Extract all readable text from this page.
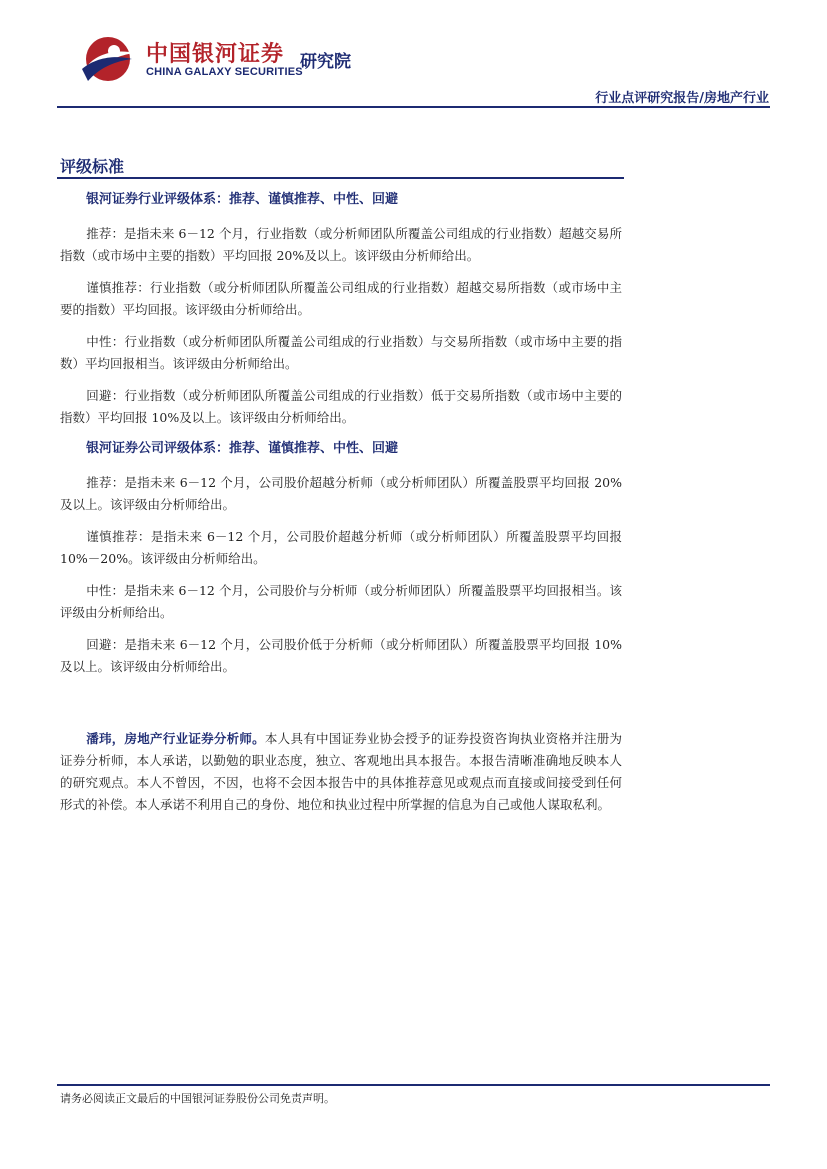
中国银河证券
CHINA GALAXY SECURITIES
研究院
行业点评研究报告/房地产行业
评级标准

银河证券行业评级体系：推荐、谨慎推荐、中性、回避

推荐：是指未来 6－12 个月，行业指数（或分析师团队所覆盖公司组成的行业指数）超越交易所指数（或市场中主要的指数）平均回报 20%及以上。该评级由分析师给出。

谨慎推荐：行业指数（或分析师团队所覆盖公司组成的行业指数）超越交易所指数（或市场中主要的指数）平均回报。该评级由分析师给出。

中性：行业指数（或分析师团队所覆盖公司组成的行业指数）与交易所指数（或市场中主要的指数）平均回报相当。该评级由分析师给出。

回避：行业指数（或分析师团队所覆盖公司组成的行业指数）低于交易所指数（或市场中主要的指数）平均回报 10%及以上。该评级由分析师给出。

银河证券公司评级体系：推荐、谨慎推荐、中性、回避

推荐：是指未来 6－12 个月，公司股价超越分析师（或分析师团队）所覆盖股票平均回报 20%及以上。该评级由分析师给出。

谨慎推荐：是指未来 6－12 个月，公司股价超越分析师（或分析师团队）所覆盖股票平均回报 10%－20%。该评级由分析师给出。

中性：是指未来 6－12 个月，公司股价与分析师（或分析师团队）所覆盖股票平均回报相当。该评级由分析师给出。

回避：是指未来 6－12 个月，公司股价低于分析师（或分析师团队）所覆盖股票平均回报 10%及以上。该评级由分析师给出。

潘玮，房地产行业证券分析师。本人具有中国证券业协会授予的证券投资咨询执业资格并注册为证券分析师，本人承诺，以勤勉的职业态度，独立、客观地出具本报告。本报告清晰准确地反映本人的研究观点。本人不曾因，不因，也将不会因本报告中的具体推荐意见或观点而直接或间接受到任何形式的补偿。本人承诺不利用自己的身份、地位和执业过程中所掌握的信息为自己或他人谋取私利。

请务必阅读正文最后的中国银河证券股份公司免责声明。
